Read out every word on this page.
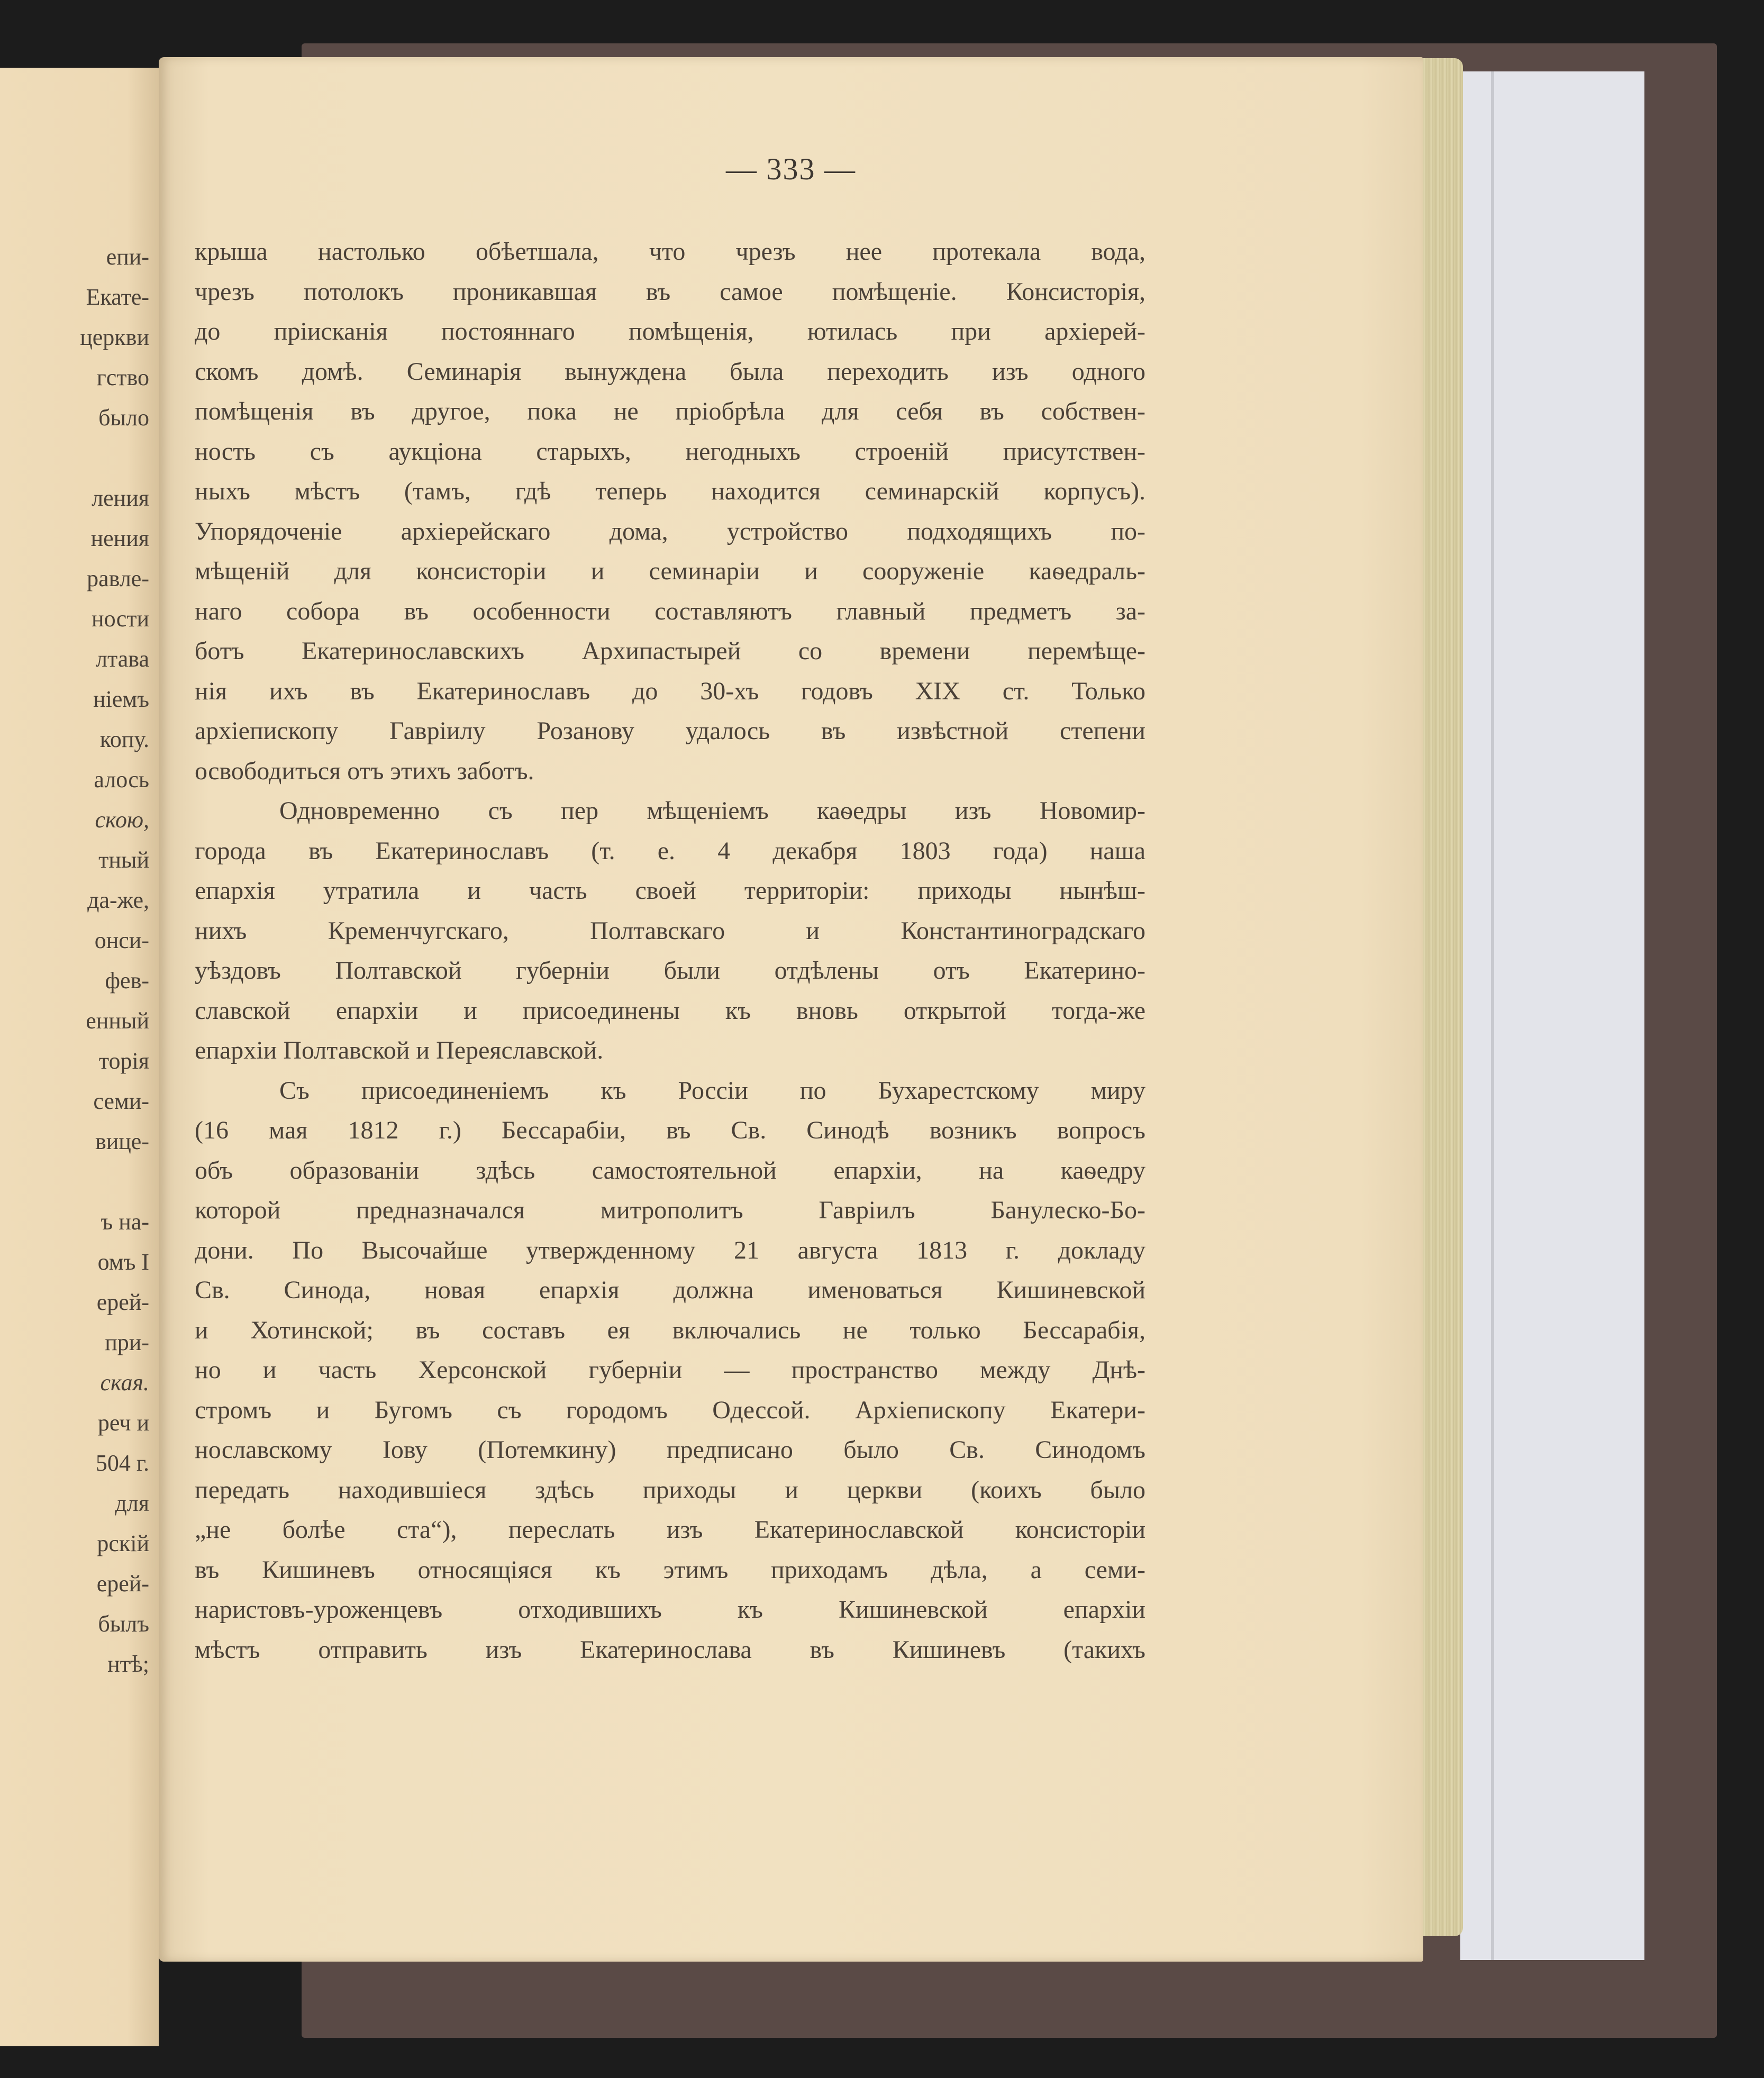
епи-
Екате-
церкви
гство
было
ления
нения
равле-
ности
лтава
ніемъ
копу.
алось
скою,
тный
да-же,
онси-
фев-
енный
торія
семи-
вице-
ъ на-
омъ I
ерей-
при-
ская.
реч и
504 г.
для
рскій
ерей-
былъ
нтѣ;
— 333 —
крыша настолько обѣетшала, что чрезъ нее протекала вода,
чрезъ потолокъ проникавшая въ самое помѣщеніе. Консисторія,
до пріисканія постояннаго помѣщенія, ютилась при архіерей-
скомъ домѣ. Семинарія вынуждена была переходить изъ одного
помѣщенія въ другое, пока не пріобрѣла для себя въ собствен-
ность съ аукціона старыхъ, негодныхъ строеній присутствен-
ныхъ мѣстъ (тамъ, гдѣ теперь находится семинарскій корпусъ).
Упорядоченіе архіерейскаго дома, устройство подходящихъ по-
мѣщеній для консисторіи и семинаріи и сооруженіе каѳедраль-
наго собора въ особенности составляютъ главный предметъ за-
ботъ Екатеринославскихъ Архипастырей со времени перемѣще-
нія ихъ въ Екатеринославъ до 30-хъ годовъ XIX ст. Только
архіепископу Гавріилу Розанову удалось въ извѣстной степени
освободиться отъ этихъ заботъ.
Одновременно съ пер мѣщеніемъ каѳедры изъ Новомир-
города въ Екатеринославъ (т. е. 4 декабря 1803 года) наша
епархія утратила и часть своей территоріи: приходы нынѣш-
нихъ Кременчугскаго, Полтавскаго и Константиноградскаго
уѣздовъ Полтавской губерніи были отдѣлены отъ Екатерино-
славской епархіи и присоединены къ вновь открытой тогда-же
епархіи Полтавской и Переяславской.
Съ присоединеніемъ къ Россіи по Бухарестскому миру
(16 мая 1812 г.) Бессарабіи, въ Св. Синодѣ возникъ вопросъ
объ образованіи здѣсь самостоятельной епархіи, на каѳедру
которой предназначался митрополитъ Гавріилъ Банулеско-Бо-
дони. По Высочайше утвержденному 21 августа 1813 г. докладу
Св. Синода, новая епархія должна именоваться Кишиневской
и Хотинской; въ составъ ея включались не только Бессарабія,
но и часть Херсонской губерніи — пространство между Днѣ-
стромъ и Бугомъ съ городомъ Одессой. Архіепископу Екатери-
нославскому Іову (Потемкину) предписано было Св. Синодомъ
передать находившіеся здѣсь приходы и церкви (коихъ было
„не болѣе ста“), переслать изъ Екатеринославской консисторіи
въ Кишиневъ относящіяся къ этимъ приходамъ дѣла, а семи-
наристовъ-уроженцевъ отходившихъ къ Кишиневской епархіи
мѣстъ отправить изъ Екатеринослава въ Кишиневъ (такихъ
